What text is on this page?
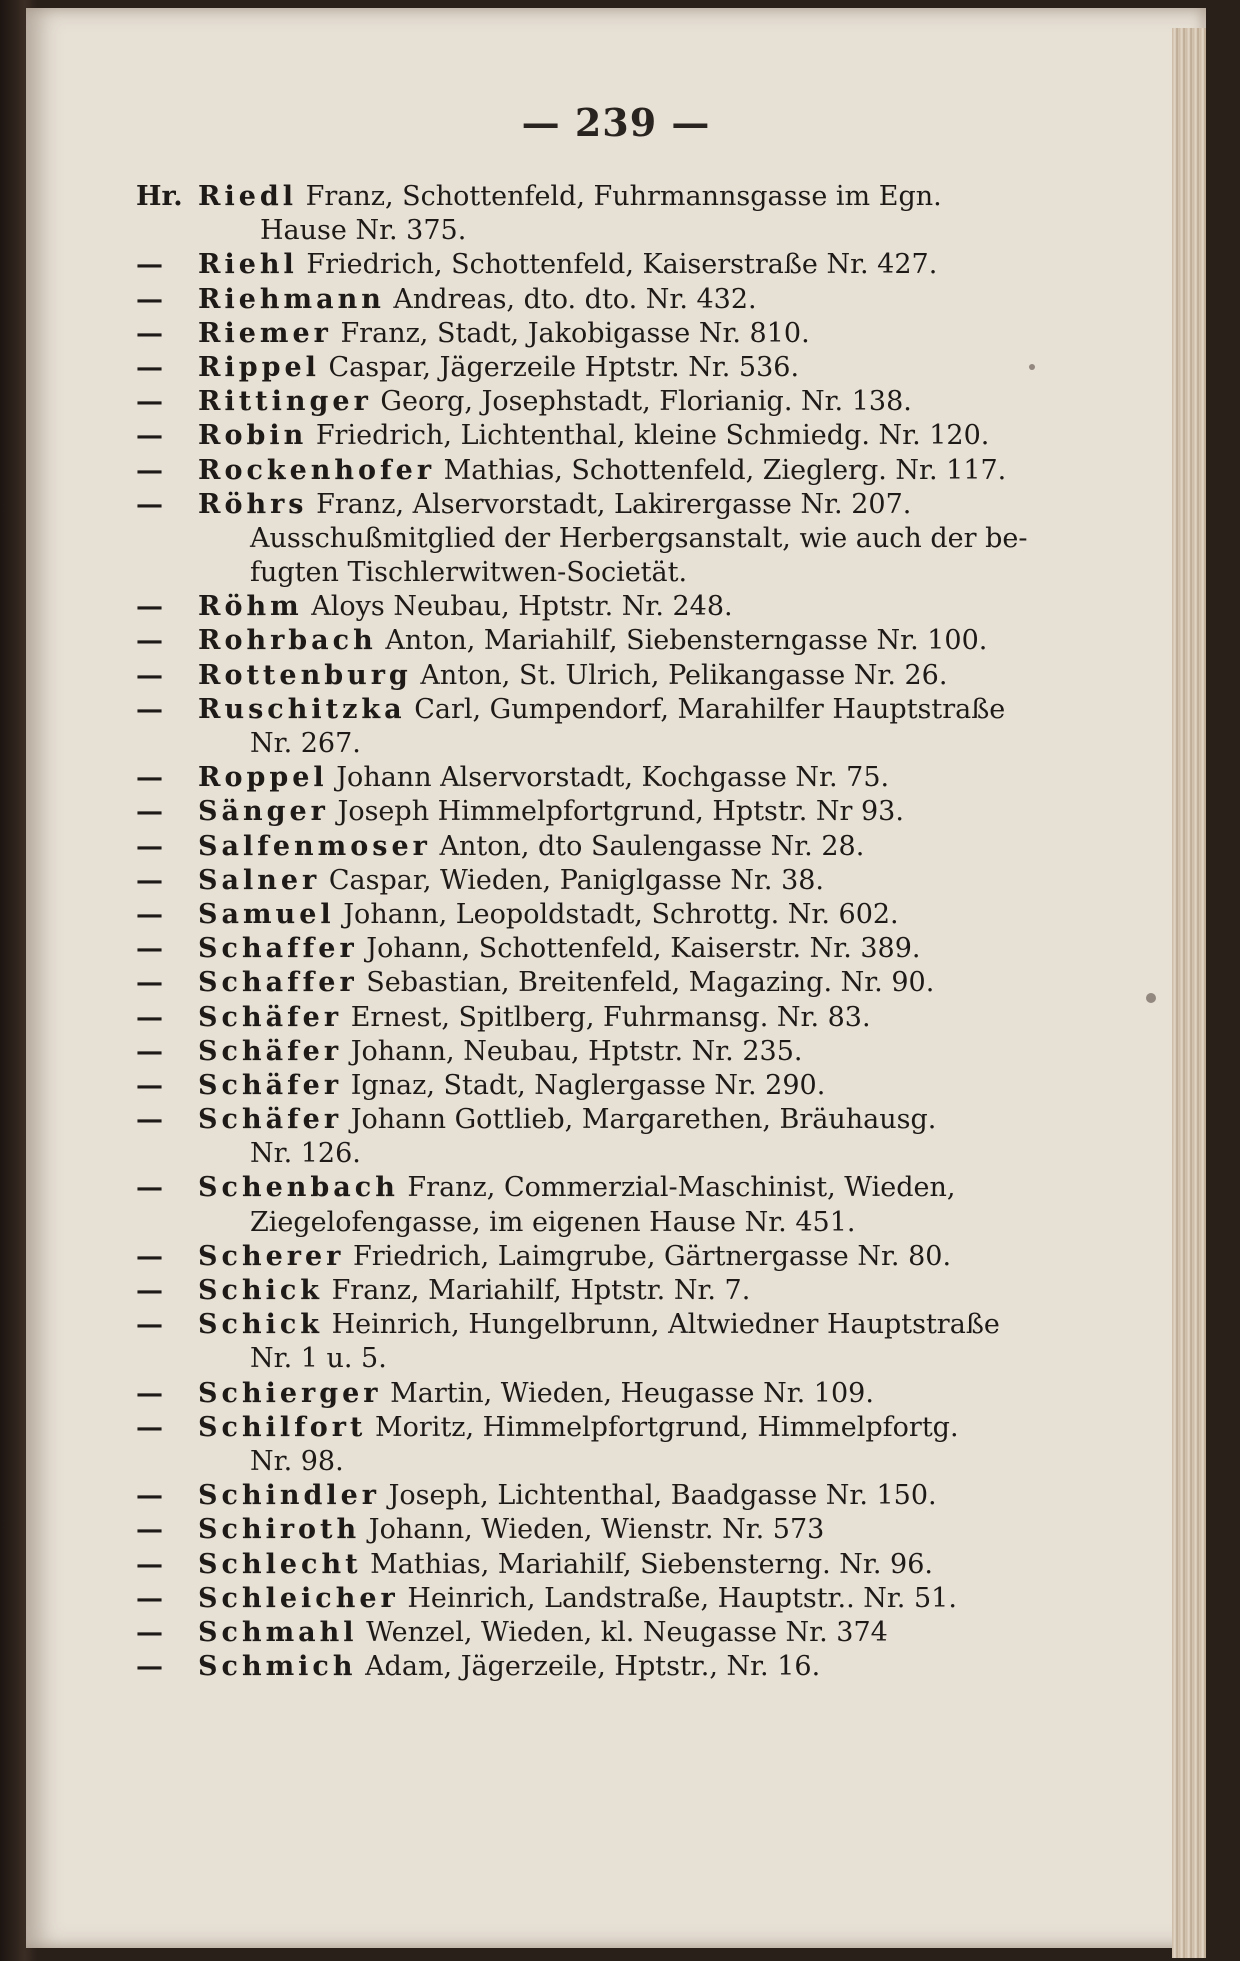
— 239 —
Hr. Riedl Franz, Schottenfeld, Fuhrmannsgasse im Egn.
Hause Nr. 375.
— Riehl Friedrich, Schottenfeld, Kaiserstraße Nr. 427.
— Riehmann Andreas, dto. dto. Nr. 432.
— Riemer Franz, Stadt, Jakobigasse Nr. 810.
— Rippel Caspar, Jägerzeile Hptstr. Nr. 536.
— Rittinger Georg, Josephstadt, Florianig. Nr. 138.
— Robin Friedrich, Lichtenthal, kleine Schmiedg. Nr. 120.
— Rockenhofer Mathias, Schottenfeld, Zieglerg. Nr. 117.
— Röhrs Franz, Alservorstadt, Lakirergasse Nr. 207.
Ausschußmitglied der Herbergsanstalt, wie auch der be-
fugten Tischlerwitwen-Societät.
— Röhm Aloys Neubau, Hptstr. Nr. 248.
— Rohrbach Anton, Mariahilf, Siebensterngasse Nr. 100.
— Rottenburg Anton, St. Ulrich, Pelikangasse Nr. 26.
— Ruschitzka Carl, Gumpendorf, Marahilfer Hauptstraße
Nr. 267.
— Roppel Johann Alservorstadt, Kochgasse Nr. 75.
— Sänger Joseph Himmelpfortgrund, Hptstr. Nr 93.
— Salfenmoser Anton, dto Saulengasse Nr. 28.
— Salner Caspar, Wieden, Paniglgasse Nr. 38.
— Samuel Johann, Leopoldstadt, Schrottg. Nr. 602.
— Schaffer Johann, Schottenfeld, Kaiserstr. Nr. 389.
— Schaffer Sebastian, Breitenfeld, Magazing. Nr. 90.
— Schäfer Ernest, Spitlberg, Fuhrmansg. Nr. 83.
— Schäfer Johann, Neubau, Hptstr. Nr. 235.
— Schäfer Ignaz, Stadt, Naglergasse Nr. 290.
— Schäfer Johann Gottlieb, Margarethen, Bräuhausg.
Nr. 126.
— Schenbach Franz, Commerzial-Maschinist, Wieden,
Ziegelofengasse, im eigenen Hause Nr. 451.
— Scherer Friedrich, Laimgrube, Gärtnergasse Nr. 80.
— Schick Franz, Mariahilf, Hptstr. Nr. 7.
— Schick Heinrich, Hungelbrunn, Altwiedner Hauptstraße
Nr. 1 u. 5.
— Schierger Martin, Wieden, Heugasse Nr. 109.
— Schilfort Moritz, Himmelpfortgrund, Himmelpfortg.
Nr. 98.
— Schindler Joseph, Lichtenthal, Baadgasse Nr. 150.
— Schiroth Johann, Wieden, Wienstr. Nr. 573
— Schlecht Mathias, Mariahilf, Siebensterng. Nr. 96.
— Schleicher Heinrich, Landstraße, Hauptstr.. Nr. 51.
— Schmahl Wenzel, Wieden, kl. Neugasse Nr. 374
— Schmich Adam, Jägerzeile, Hptstr., Nr. 16.
